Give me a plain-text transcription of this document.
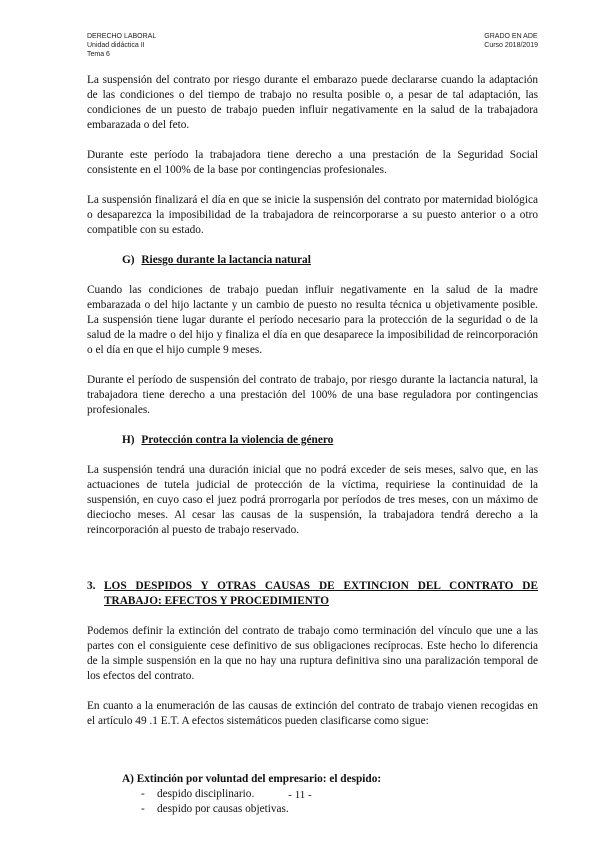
DERECHO LABORAL
Unidad didáctica II
Tema 6
GRADO EN ADE
Curso 2018/2019

La suspensión del contrato por riesgo durante el embarazo puede declararse cuando la adaptación de las condiciones o del tiempo de trabajo no resulta posible o, a pesar de tal adaptación, las condiciones de un puesto de trabajo pueden influir negativamente en la salud de la trabajadora embarazada o del feto.

Durante este período la trabajadora tiene derecho a una prestación de la Seguridad Social consistente en el 100% de la base por contingencias profesionales.

La suspensión finalizará el día en que se inicie la suspensión del contrato por maternidad biológica o desaparezca la imposibilidad de la trabajadora de reincorporarse a su puesto anterior o a otro compatible con su estado.

G) Riesgo durante la lactancia natural

Cuando las condiciones de trabajo puedan influir negativamente en la salud de la madre embarazada o del hijo lactante y un cambio de puesto no resulta técnica u objetivamente posible. La suspensión tiene lugar durante el período necesario para la protección de la seguridad o de la salud de la madre o del hijo y finaliza el día en que desaparece la imposibilidad de reincorporación o el día en que el hijo cumple 9 meses.

Durante el período de suspensión del contrato de trabajo, por riesgo durante la lactancia natural, la trabajadora tiene derecho a una prestación del 100% de una base reguladora por contingencias profesionales.

H) Protección contra la violencia de género

La suspensión tendrá una duración inicial que no podrá exceder de seis meses, salvo que, en las actuaciones de tutela judicial de protección de la víctima, requiriese la continuidad de la suspensión, en cuyo caso el juez podrá prorrogarla por períodos de tres meses, con un máximo de dieciocho meses. Al cesar las causas de la suspensión, la trabajadora tendrá derecho a la reincorporación al puesto de trabajo reservado.

3. LOS DESPIDOS Y OTRAS CAUSAS DE EXTINCION DEL CONTRATO DE TRABAJO: EFECTOS Y PROCEDIMIENTO

Podemos definir la extinción del contrato de trabajo como terminación del vínculo que une a las partes con el consiguiente cese definitivo de sus obligaciones recíprocas. Este hecho lo diferencia de la simple suspensión en la que no hay una ruptura definitiva sino una paralización temporal de los efectos del contrato.

En cuanto a la enumeración de las causas de extinción del contrato de trabajo vienen recogidas en el artículo 49 .1 E.T. A efectos sistemáticos pueden clasificarse como sigue:

A) Extinción por voluntad del empresario: el despido:
-	despido disciplinario.
-	despido por causas objetivas.
- 11 -
